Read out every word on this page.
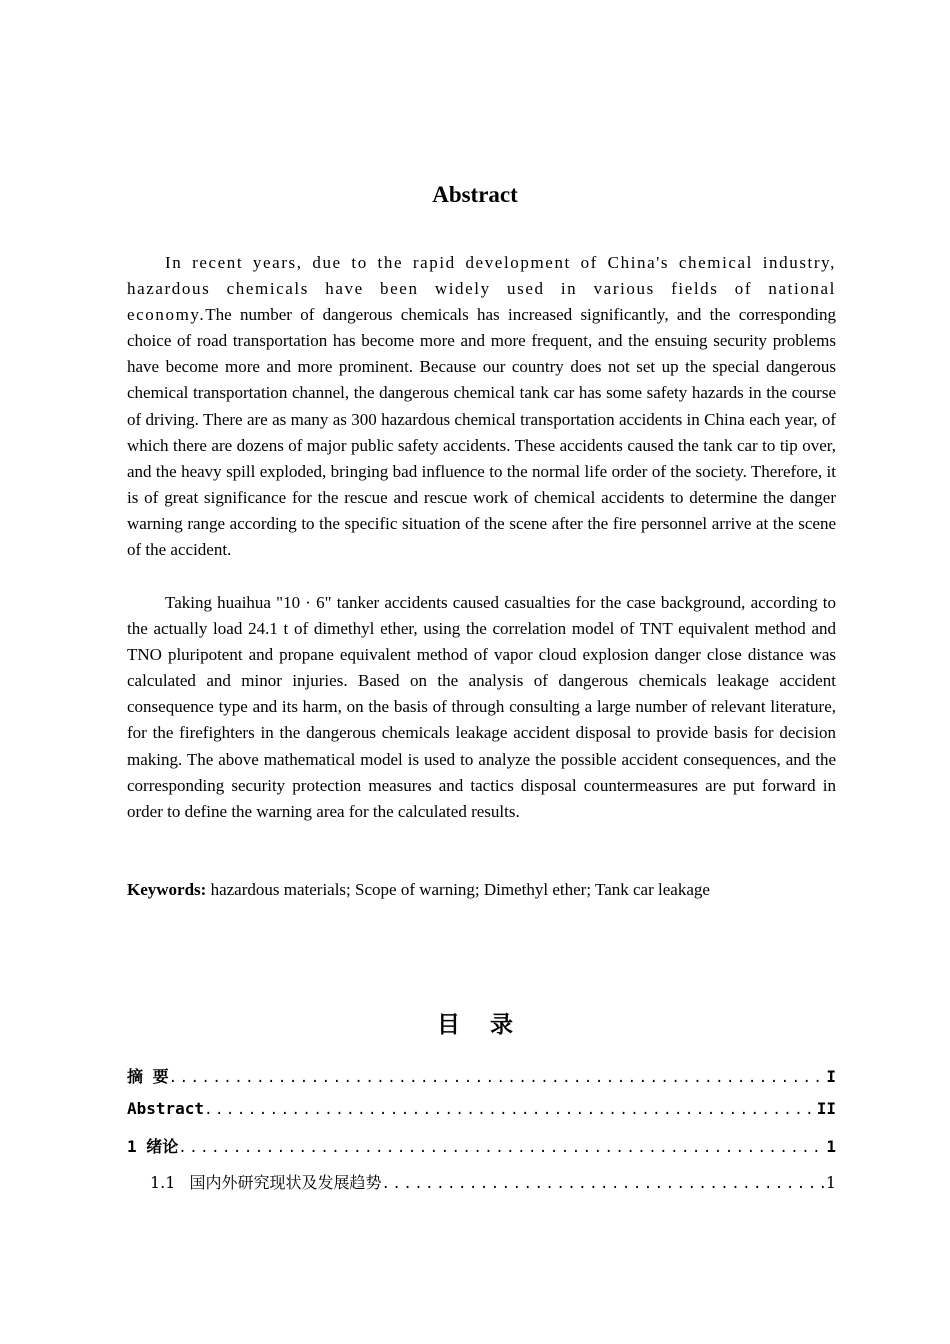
Abstract
In recent years, due to the rapid development of China's chemical industry, hazardous chemicals have been widely used in various fields of national economy.The number of dangerous chemicals has increased significantly, and the corresponding choice of road transportation has become more and more frequent, and the ensuing security problems have become more and more prominent. Because our country does not set up the special dangerous chemical transportation channel, the dangerous chemical tank car has some safety hazards in the course of driving. There are as many as 300 hazardous chemical transportation accidents in China each year, of which there are dozens of major public safety accidents. These accidents caused the tank car to tip over, and the heavy spill exploded, bringing bad influence to the normal life order of the society. Therefore, it is of great significance for the rescue and rescue work of chemical accidents to determine the danger warning range according to the specific situation of the scene after the fire personnel arrive at the scene of the accident.
Taking huaihua "10 · 6" tanker accidents caused casualties for the case background, according to the actually load 24.1 t of dimethyl ether, using the correlation model of TNT equivalent method and TNO pluripotent and propane equivalent method of vapor cloud explosion danger close distance was calculated and minor injuries. Based on the analysis of dangerous chemicals leakage accident consequence type and its harm, on the basis of through consulting a large number of relevant literature, for the firefighters in the dangerous chemicals leakage accident disposal to provide basis for decision making. The above mathematical model is used to analyze the possible accident consequences, and the corresponding security protection measures and tactics disposal countermeasures are put forward in order to define the warning area for the calculated results.
Keywords: hazardous materials; Scope of warning; Dimethyl ether; Tank car leakage
目录
摘 要 .....	I
Abstract .....	II
1 绪论 .....	1
1.1 国内外研究现状及发展趋势 .....	1
